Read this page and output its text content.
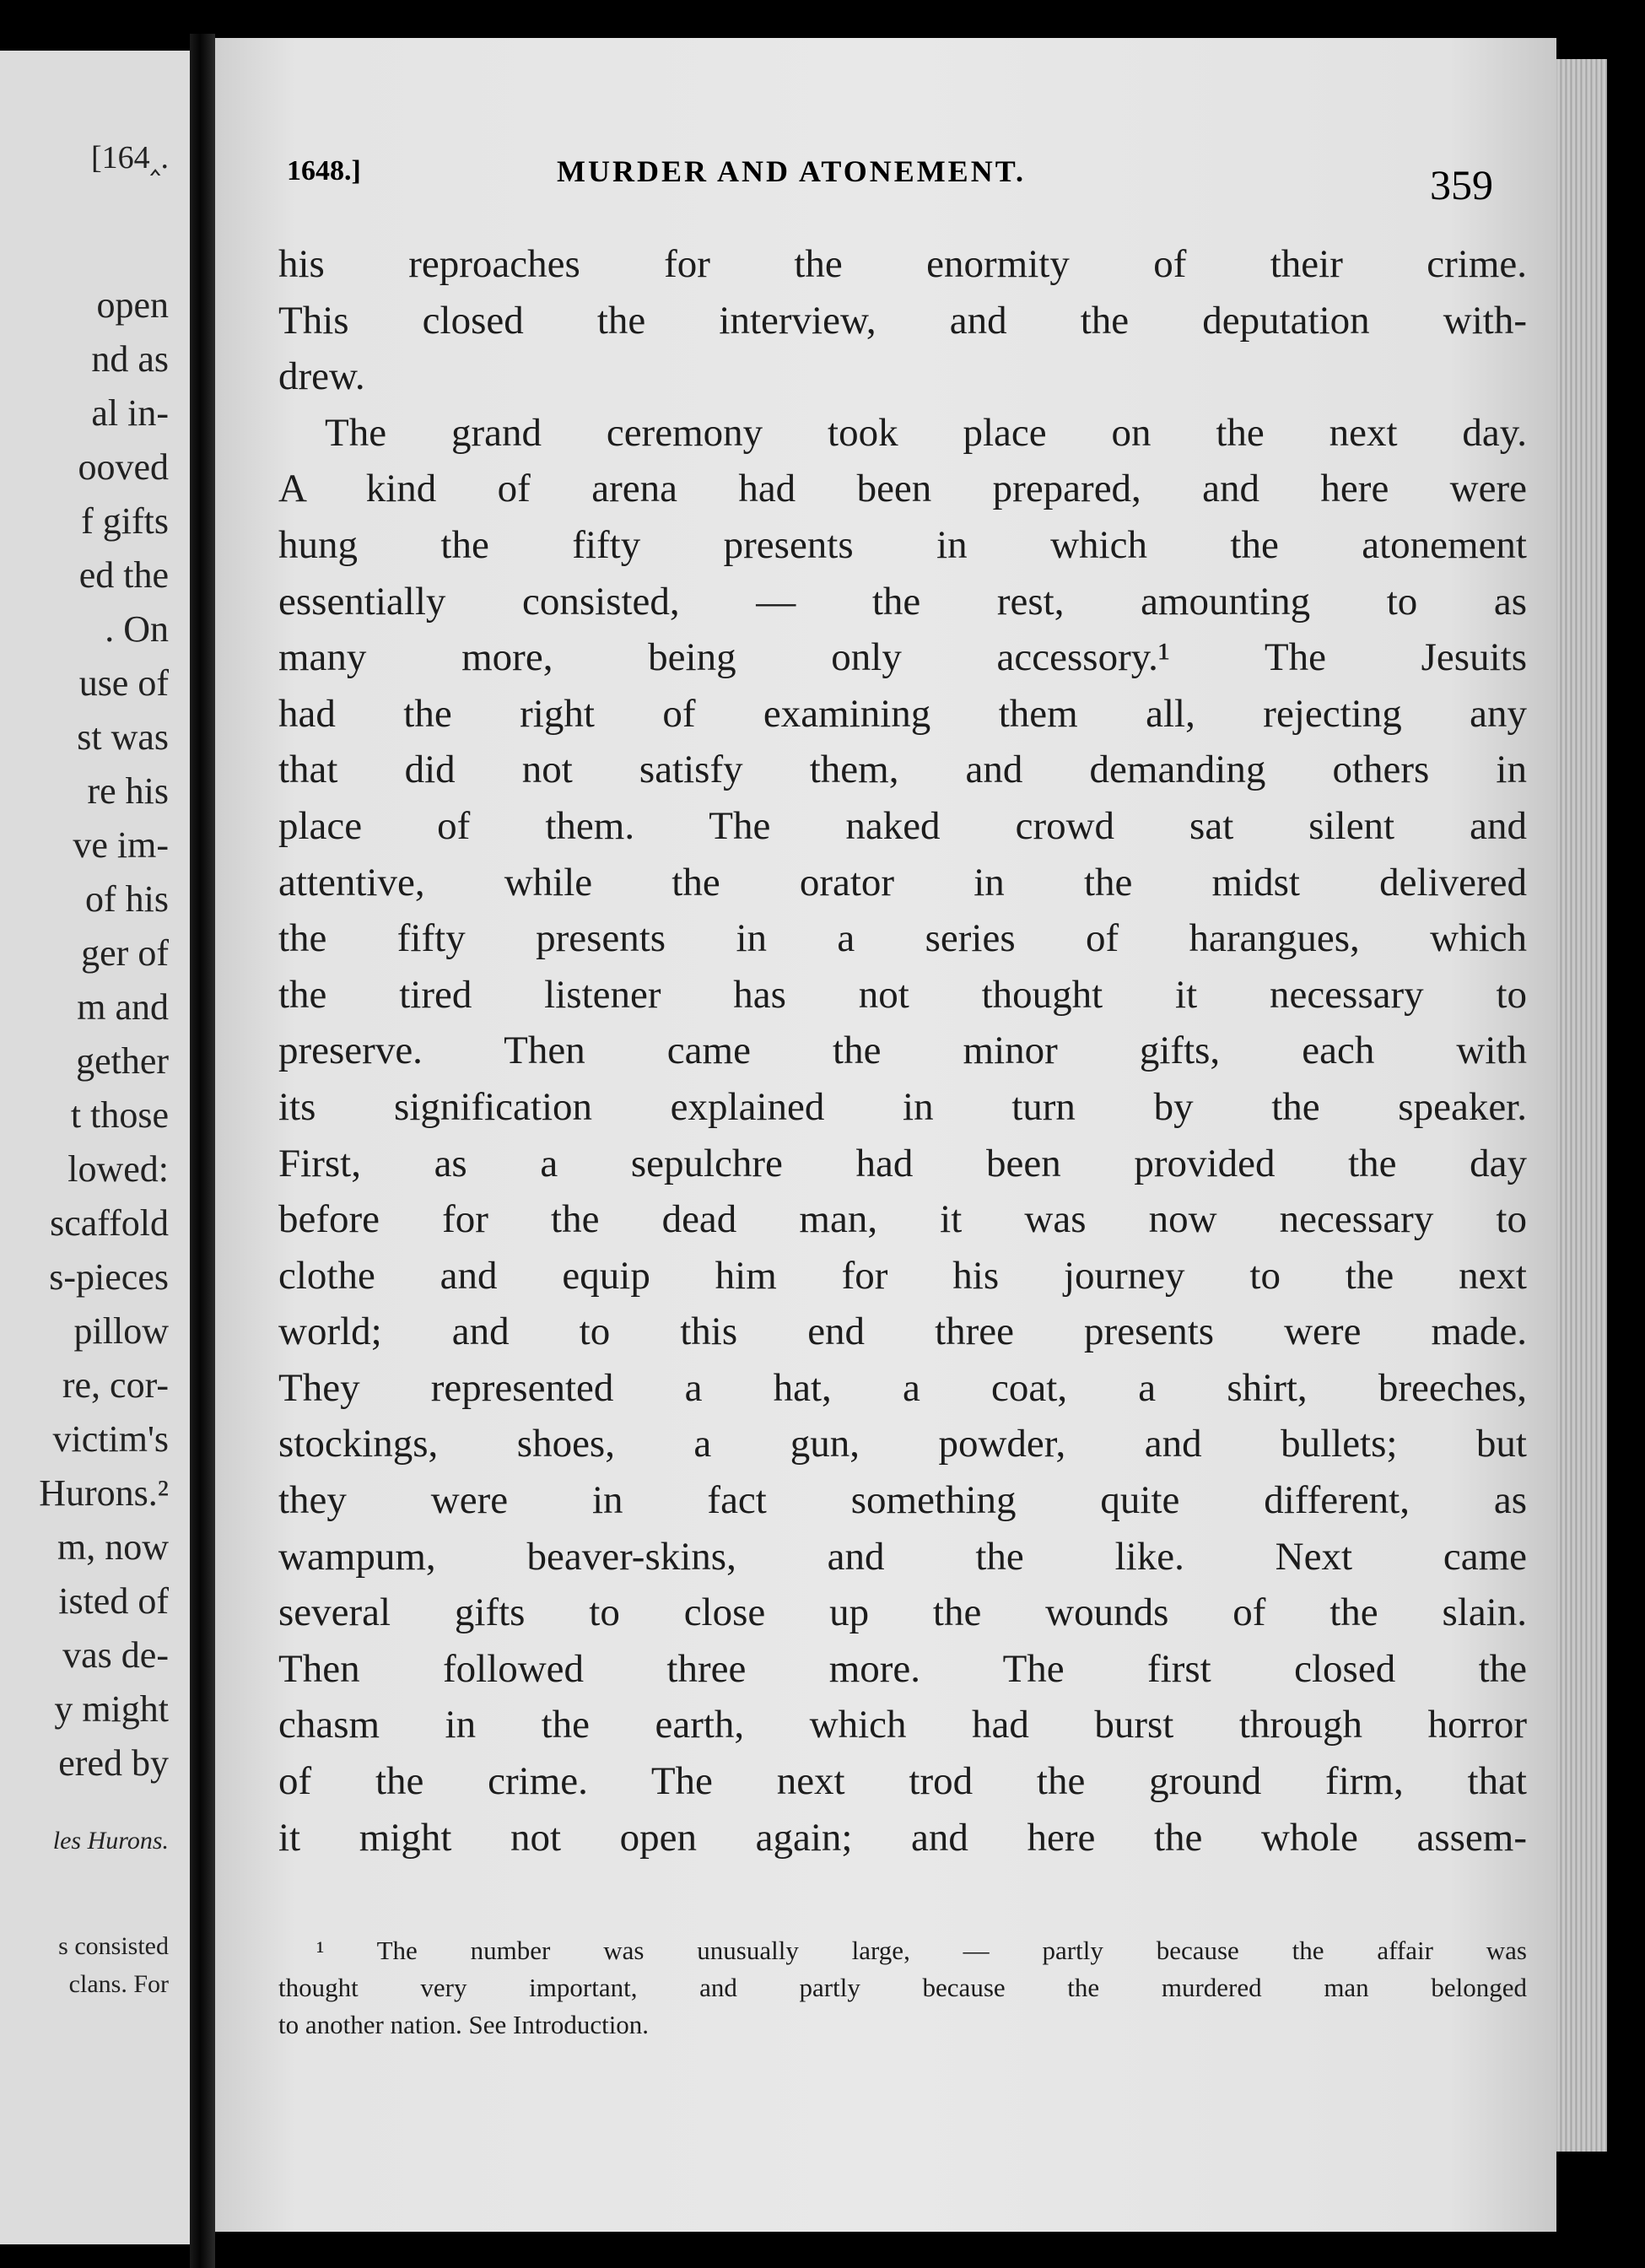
[164‸.
open
nd as
al in-
ooved
f gifts
ed the
. On
use of
st was
re his
ve im-
of his
ger of
m and
gether
t those
lowed:
scaffold
s-pieces
pillow
re, cor-
victim's
Hurons.²
m, now
isted of
vas de-
y might
ered by
les Hurons.
s consisted
clans. For
1648.]	MURDER AND ATONEMENT.	359
his reproaches for the enormity of their crime.
This closed the interview, and the deputation with-
drew.
The grand ceremony took place on the next day.
A kind of arena had been prepared, and here were
hung the fifty presents in which the atonement
essentially consisted, — the rest, amounting to as
many more, being only accessory.¹ The Jesuits
had the right of examining them all, rejecting any
that did not satisfy them, and demanding others in
place of them. The naked crowd sat silent and
attentive, while the orator in the midst delivered
the fifty presents in a series of harangues, which
the tired listener has not thought it necessary to
preserve. Then came the minor gifts, each with
its signification explained in turn by the speaker.
First, as a sepulchre had been provided the day
before for the dead man, it was now necessary to
clothe and equip him for his journey to the next
world; and to this end three presents were made.
They represented a hat, a coat, a shirt, breeches,
stockings, shoes, a gun, powder, and bullets; but
they were in fact something quite different, as
wampum, beaver-skins, and the like. Next came
several gifts to close up the wounds of the slain.
Then followed three more. The first closed the
chasm in the earth, which had burst through horror
of the crime. The next trod the ground firm, that
it might not open again; and here the whole assem-
¹ The number was unusually large, — partly because the affair was
thought very important, and partly because the murdered man belonged
to another nation. See Introduction.
